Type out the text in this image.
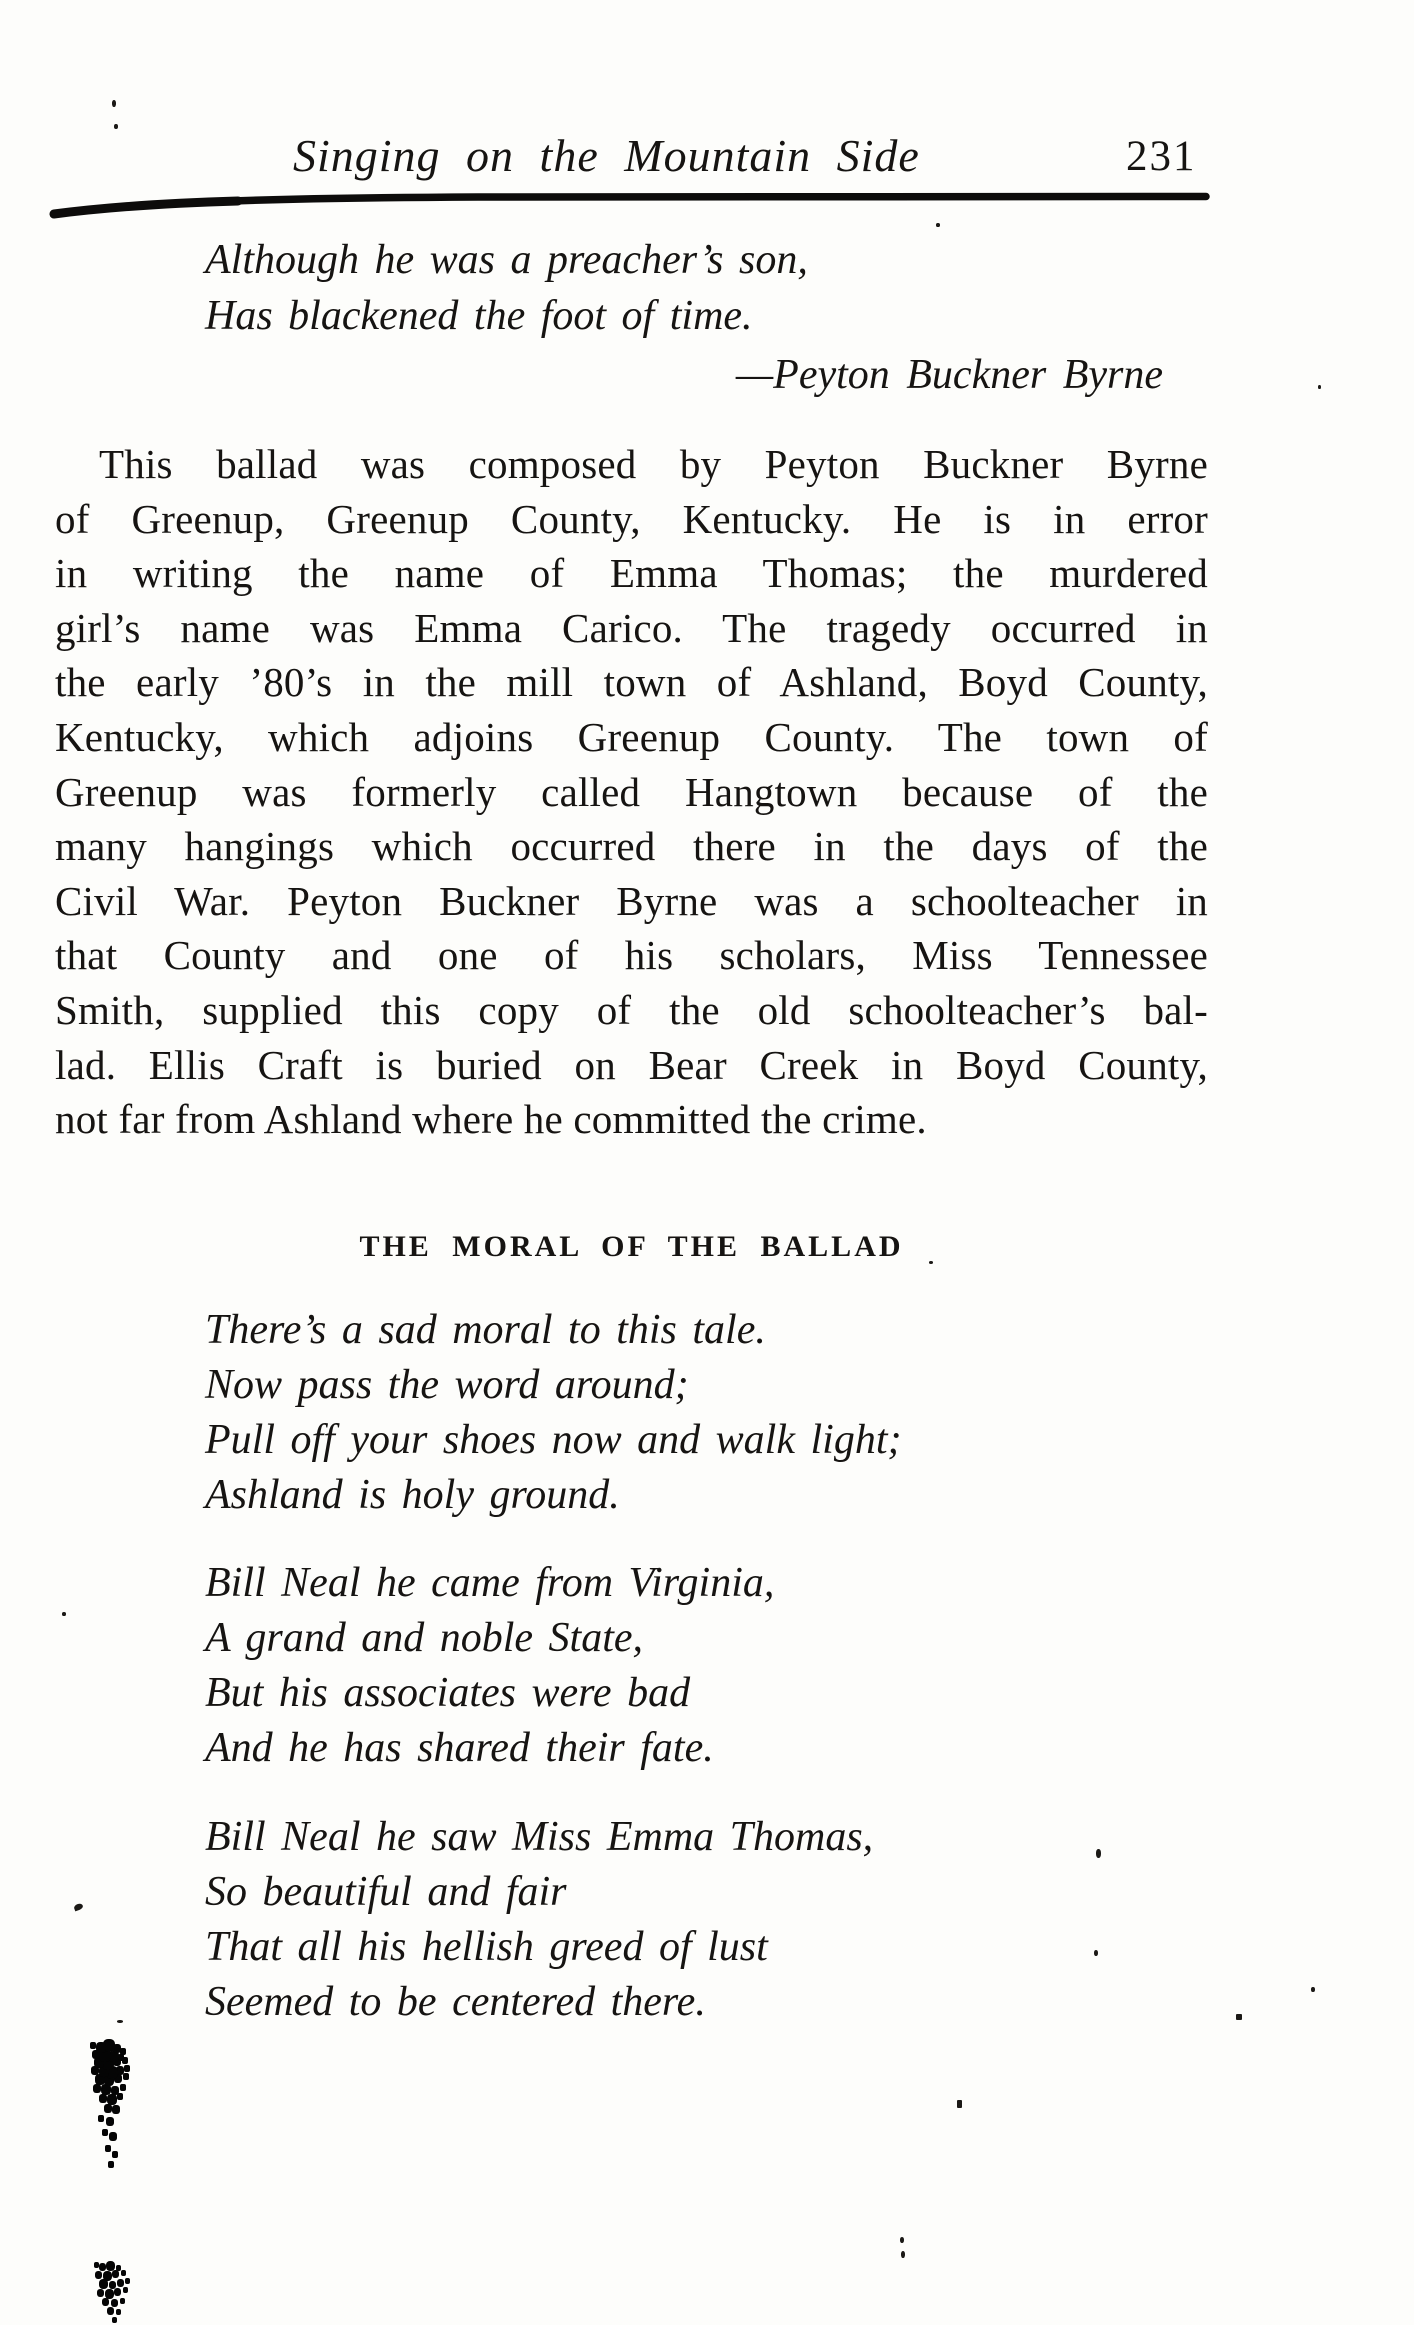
Singing on the Mountain Side	231
Although he was a preacher’s son,
Has blackened the foot of time.
—Peyton Buckner Byrne
This ballad was composed by Peyton Buckner Byrne
of Greenup, Greenup County, Kentucky. He is in error
in writing the name of Emma Thomas; the murdered
girl’s name was Emma Carico. The tragedy occurred in
the early ’80’s in the mill town of Ashland, Boyd County,
Kentucky, which adjoins Greenup County. The town of
Greenup was formerly called Hangtown because of the
many hangings which occurred there in the days of the
Civil War. Peyton Buckner Byrne was a schoolteacher in
that County and one of his scholars, Miss Tennessee
Smith, supplied this copy of the old schoolteacher’s bal-
lad. Ellis Craft is buried on Bear Creek in Boyd County,
not far from Ashland where he committed the crime.
THE MORAL OF THE BALLAD
There’s a sad moral to this tale.
Now pass the word around;
Pull off your shoes now and walk light;
Ashland is holy ground.
Bill Neal he came from Virginia,
A grand and noble State,
But his associates were bad
And he has shared their fate.
Bill Neal he saw Miss Emma Thomas,
So beautiful and fair
That all his hellish greed of lust
Seemed to be centered there.
